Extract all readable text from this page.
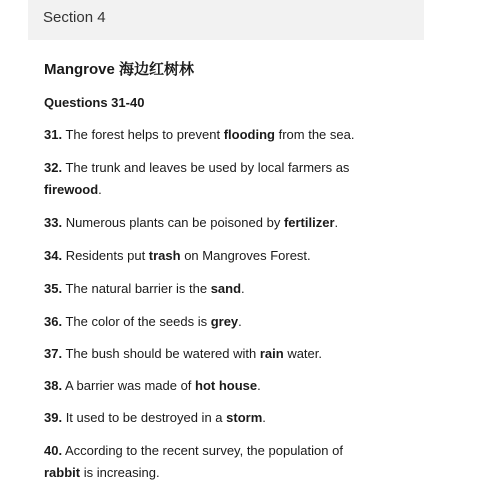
Section 4
Mangrove 海边红树林
Questions 31-40
31. The forest helps to prevent flooding from the sea.
32. The trunk and leaves be used by local farmers as
firewood.
33. Numerous plants can be poisoned by fertilizer.
34. Residents put trash on Mangroves Forest.
35. The natural barrier is the sand.
36. The color of the seeds is grey.
37. The bush should be watered with rain water.
38. A barrier was made of hot house.
39. It used to be destroyed in a storm.
40. According to the recent survey, the population of
rabbit is increasing.
